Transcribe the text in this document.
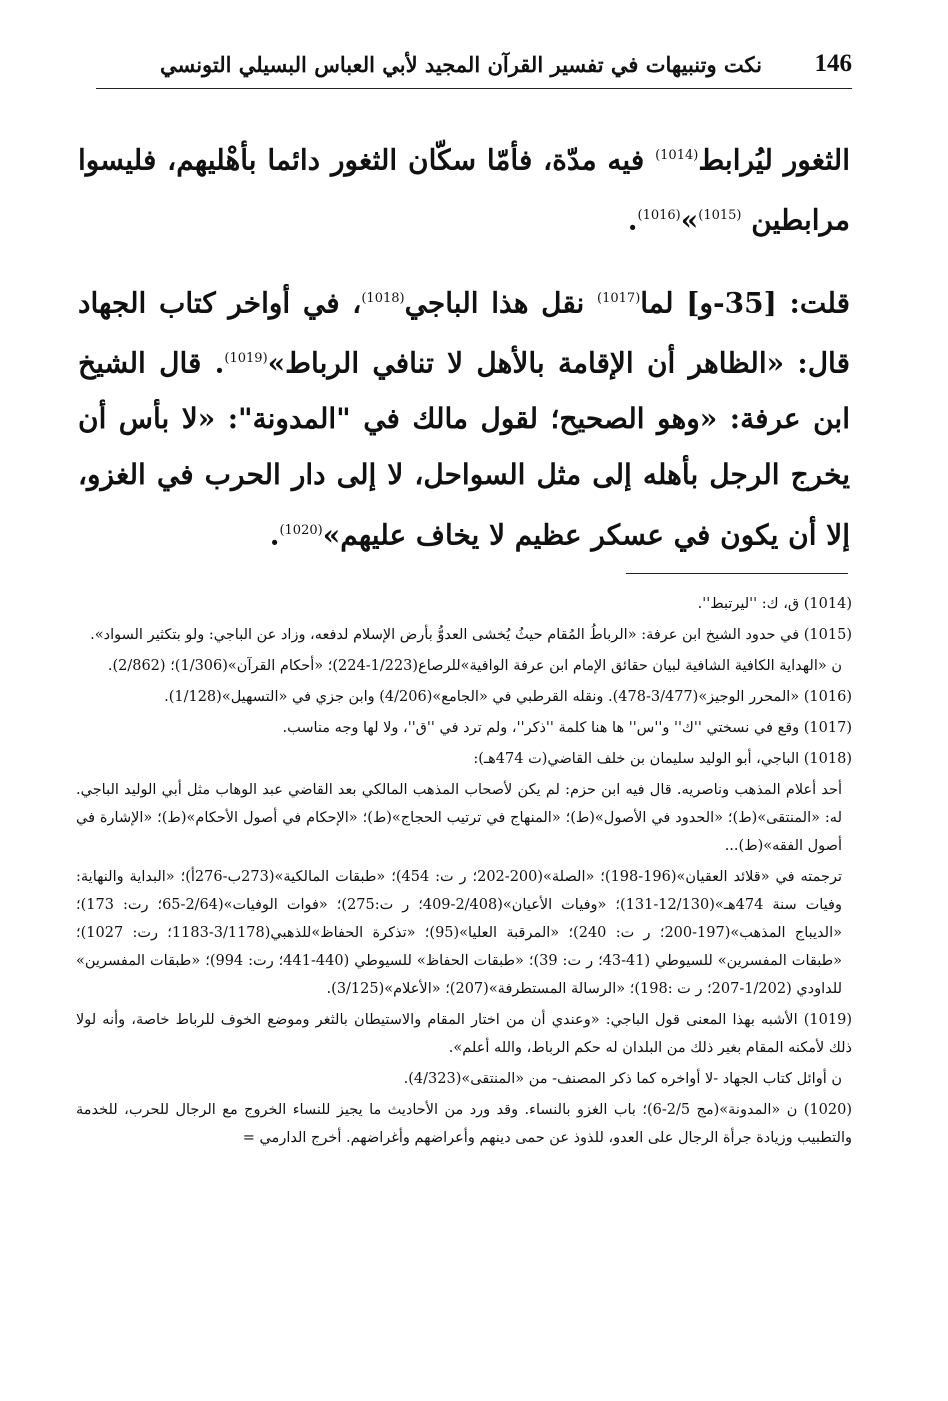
146
نكت وتنبيهات في تفسير القرآن المجيد لأبي العباس البسيلي التونسي

الثغور ليُرابط$^{(1014)}$ فيه مدّة، فأمّا سكّان الثغور دائما بأهْليهم، فليسوا مرابطين $^{(1015)}$»$^{(1016)}$.

قلت: [35-و] لما$^{(1017)}$ نقل هذا الباجي$^{(1018)}$، في أواخر كتاب الجهاد قال: «الظاهر أن الإقامة بالأهل لا تنافي الرباط»$^{(1019)}$. قال الشيخ ابن عرفة: «وهو الصحيح؛ لقول مالك في "المدونة": «لا بأس أن يخرج الرجل بأهله إلى مثل السواحل، لا إلى دار الحرب في الغزو، إلا أن يكون في عسكر عظيم لا يخاف عليهم»$^{(1020)}$.

(1014) ق، ك: ''ليرتبط''.

(1015) في حدود الشيخ ابن عرفة: «الرباطُ المُقام حيثُ يُخشى العدوُّ بأرض الإسلام لدفعه، وزاد عن الباجي: ولو بتكثير السواد».

ن «الهداية الكافية الشافية لبيان حقائق الإمام ابن عرفة الوافية»للرصاع(1/223-224)؛ «أحكام القرآن»(1/306)؛ (2/862).

(1016) «المحرر الوجيز»(3/477-478). ونقله القرطبي في «الجامع»(4/206) وابن جزي في «التسهيل»(1/128).

(1017) وقع في نسختي ''ك'' و''س'' ها هنا كلمة ''ذكر''، ولم ترد في ''ق''، ولا لها وجه مناسب.

(1018) الباجي، أبو الوليد سليمان بن خلف القاضي(ت 474هـ):

أحد أعلام المذهب وناصريه. قال فيه ابن حزم: لم يكن لأصحاب المذهب المالكي بعد القاضي عبد الوهاب مثل أبي الوليد الباجي. له: «المنتقى»(ط)؛ «الحدود في الأصول»(ط)؛ «المنهاج في ترتيب الحجاج»(ط)؛ «الإحكام في أصول الأحكام»(ط)؛ «الإشارة في أصول الفقه»(ط)...

ترجمته في «قلائد العقيان»(196-198)؛ «الصلة»(200-202؛ ر ت: 454)؛ «طبقات المالكية»(273ب-276أ)؛ «البداية والنهاية: وفيات سنة 474هـ»(12/130-131)؛ «وفيات الأعيان»(2/408-409؛ ر ت:275)؛ «فوات الوفيات»(2/64-65؛ رت: 173)؛ «الديباج المذهب»(197-200؛ ر ت: 240)؛ «المرقبة العليا»(95)؛ «تذكرة الحفاظ»للذهبي(3/1178-1183؛ رت: 1027)؛ «طبقات المفسرين» للسيوطي (41-43؛ ر ت: 39)؛ «طبقات الحفاظ» للسيوطي (440-441؛ رت: 994)؛ «طبقات المفسرين» للداودي (1/202-207؛ ر ت :198)؛ «الرسالة المستطرفة»(207)؛ «الأعلام»(3/125).

(1019) الأشبه بهذا المعنى قول الباجي: «وعندي أن من اختار المقام والاستيطان بالثغر وموضع الخوف للرباط خاصة، وأنه لولا ذلك لأمكنه المقام بغير ذلك من البلدان له حكم الرباط، والله أعلم».

ن أوائل كتاب الجهاد -لا أواخره كما ذكر المصنف- من «المنتقى»(4/323).

(1020) ن «المدونة»(مج 2/5-6)؛ باب الغزو بالنساء. وقد ورد من الأحاديث ما يجيز للنساء الخروج مع الرجال للحرب، للخدمة والتطبيب وزيادة جرأة الرجال على العدو، للذوذ عن حمى دينهم وأعراضهم وأغراضهم. أخرج الدارمي =
